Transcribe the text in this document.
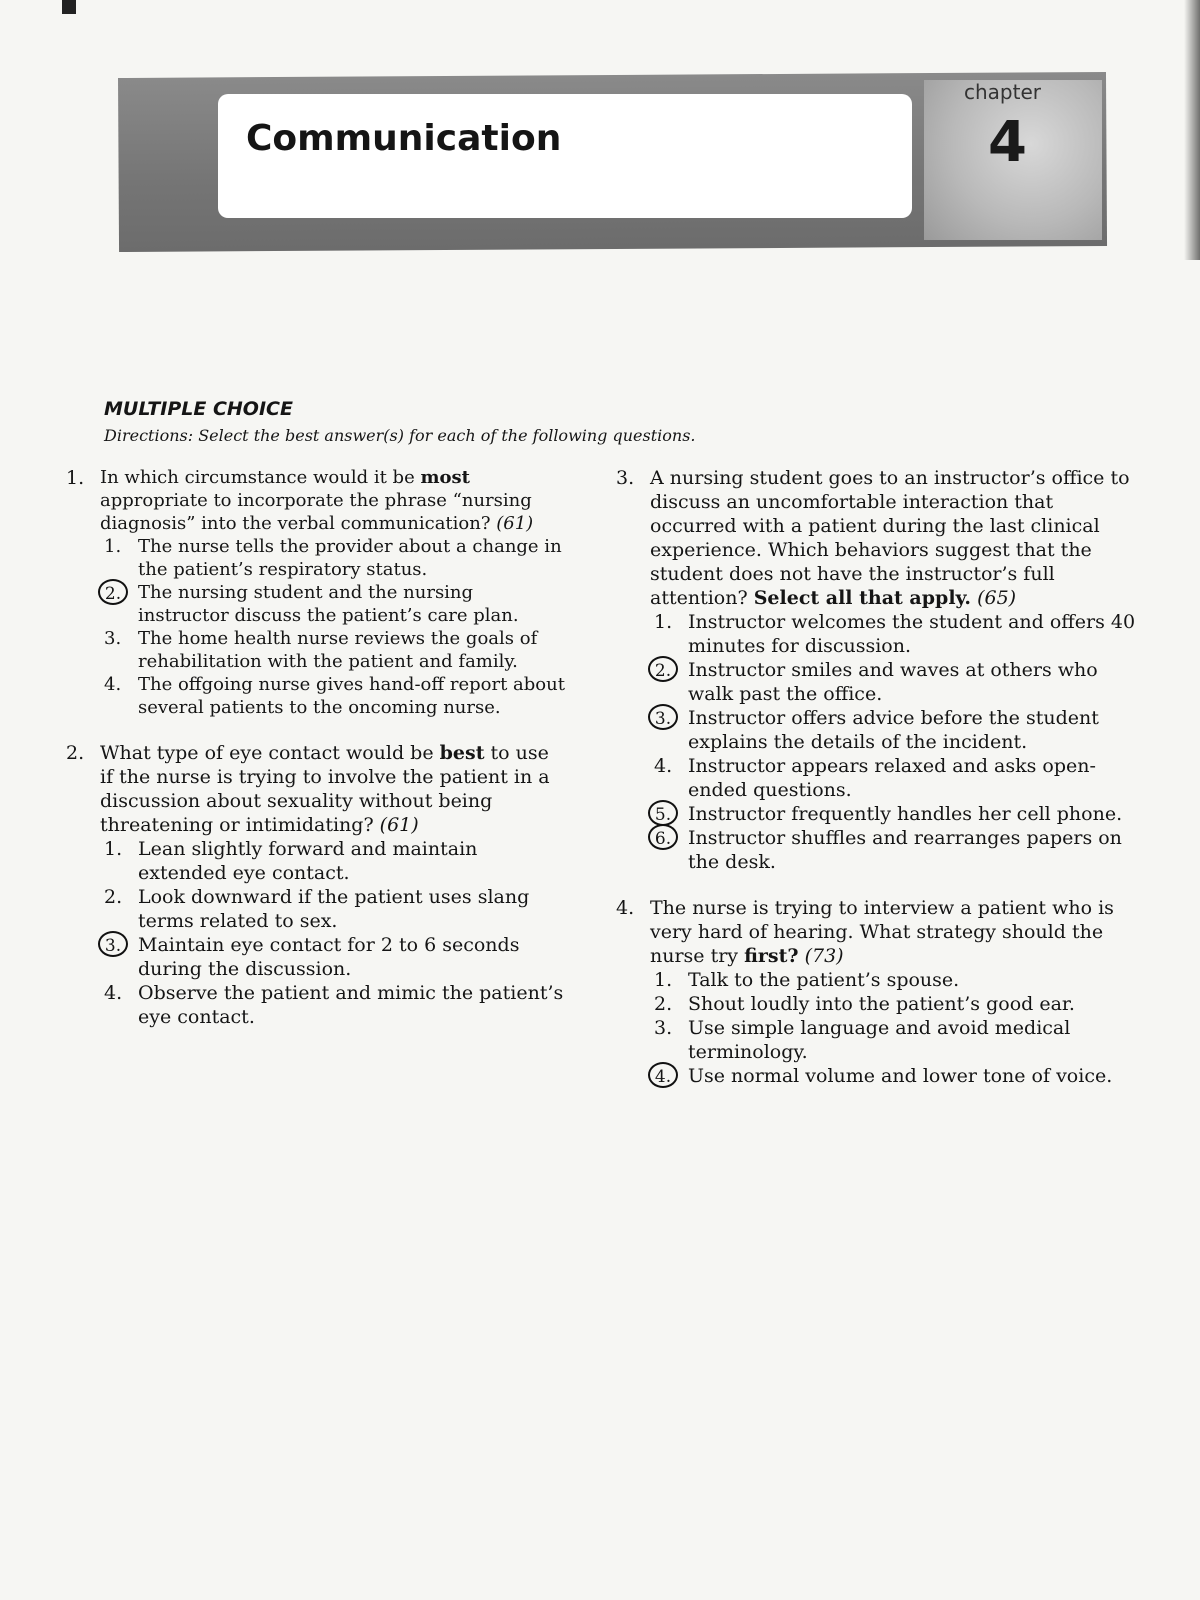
Communication
chapter
4
MULTIPLE CHOICE
Directions: Select the best answer(s) for each of the following questions.
1. In which circumstance would it be most appropriate to incorporate the phrase “nursing diagnosis” into the verbal communication? (61)
1. The nurse tells the provider about a change in the patient’s respiratory status.
2. The nursing student and the nursing instructor discuss the patient’s care plan.
3. The home health nurse reviews the goals of rehabilitation with the patient and family.
4. The offgoing nurse gives hand-off report about several patients to the oncoming nurse.
2. What type of eye contact would be best to use if the nurse is trying to involve the patient in a discussion about sexuality without being threatening or intimidating? (61)
1. Lean slightly forward and maintain extended eye contact.
2. Look downward if the patient uses slang terms related to sex.
3. Maintain eye contact for 2 to 6 seconds during the discussion.
4. Observe the patient and mimic the patient’s eye contact.
3. A nursing student goes to an instructor’s office to discuss an uncomfortable interaction that occurred with a patient during the last clinical experience. Which behaviors suggest that the student does not have the instructor’s full attention? Select all that apply. (65)
1. Instructor welcomes the student and offers 40 minutes for discussion.
2. Instructor smiles and waves at others who walk past the office.
3. Instructor offers advice before the student explains the details of the incident.
4. Instructor appears relaxed and asks open-ended questions.
5. Instructor frequently handles her cell phone.
6. Instructor shuffles and rearranges papers on the desk.
4. The nurse is trying to interview a patient who is very hard of hearing. What strategy should the nurse try first? (73)
1. Talk to the patient’s spouse.
2. Shout loudly into the patient’s good ear.
3. Use simple language and avoid medical terminology.
4. Use normal volume and lower tone of voice.
